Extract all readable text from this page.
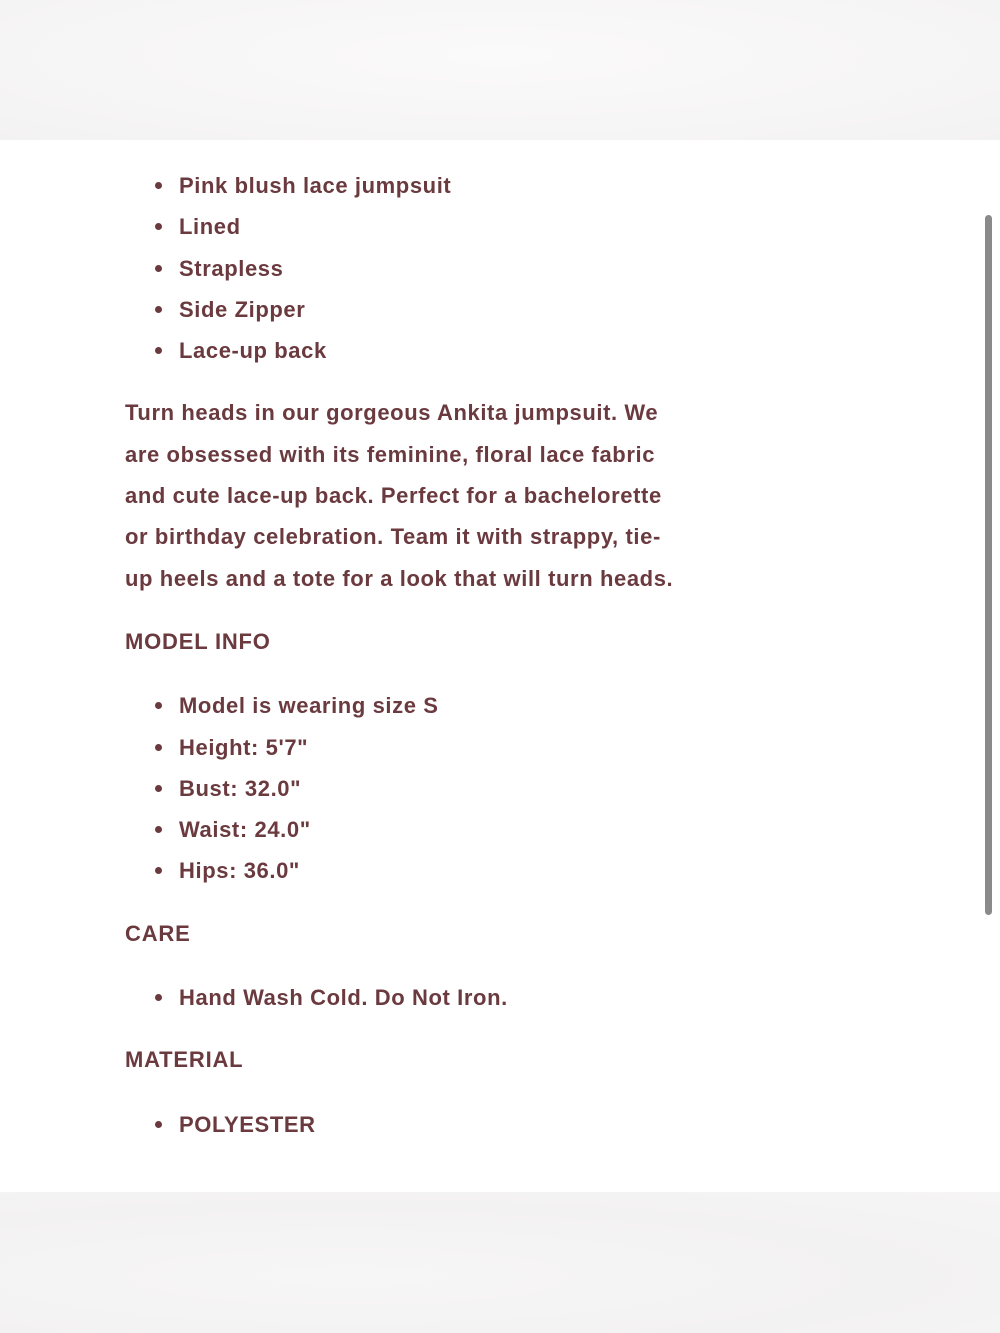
Pink blush lace jumpsuit
Lined
Strapless
Side Zipper
Lace-up back

Turn heads in our gorgeous Ankita jumpsuit. We are obsessed with its feminine, floral lace fabric and cute lace-up back. Perfect for a bachelorette or birthday celebration. Team it with strappy, tie-up heels and a tote for a look that will turn heads.

MODEL INFO
Model is wearing size S
Height: 5'7"
Bust: 32.0"
Waist: 24.0"
Hips: 36.0"
CARE
Hand Wash Cold. Do Not Iron.
MATERIAL
POLYESTER
